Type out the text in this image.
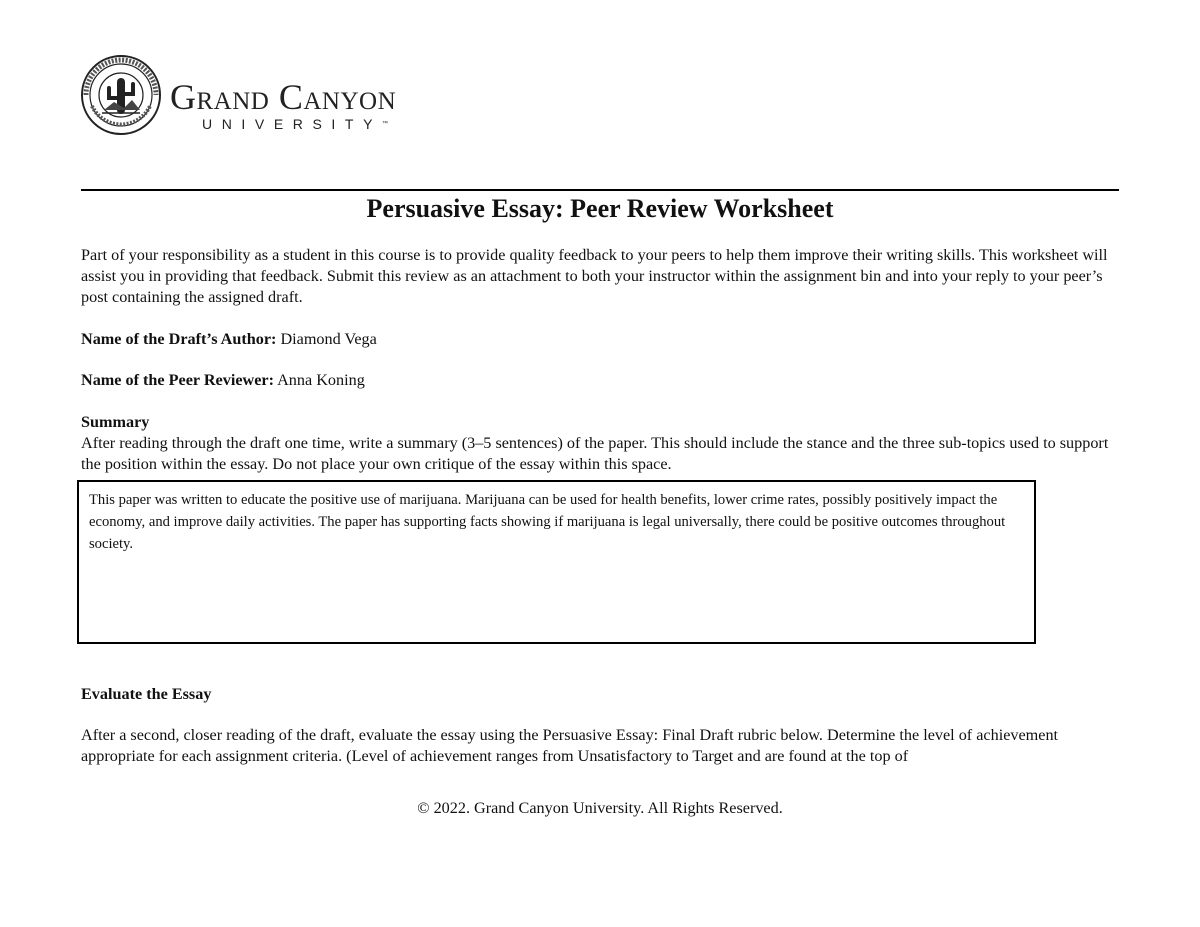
Grand Canyon
UNIVERSITY™
Persuasive Essay: Peer Review Worksheet
Part of your responsibility as a student in this course is to provide quality feedback to your peers to help them improve their writing skills. This worksheet will assist you in providing that feedback. Submit this review as an attachment to both your instructor within the assignment bin and into your reply to your peer’s post containing the assigned draft.
Name of the Draft’s Author: Diamond Vega
Name of the Peer Reviewer: Anna Koning
Summary
After reading through the draft one time, write a summary (3–5 sentences) of the paper. This should include the stance and the three sub-topics used to support the position within the essay. Do not place your own critique of the essay within this space.
This paper was written to educate the positive use of marijuana. Marijuana can be used for health benefits, lower crime rates, possibly positively impact the economy, and improve daily activities. The paper has supporting facts showing if marijuana is legal universally, there could be positive outcomes throughout society.
Evaluate the Essay
After a second, closer reading of the draft, evaluate the essay using the Persuasive Essay: Final Draft rubric below. Determine the level of achievement appropriate for each assignment criteria. (Level of achievement ranges from Unsatisfactory to Target and are found at the top of
© 2022. Grand Canyon University. All Rights Reserved.
